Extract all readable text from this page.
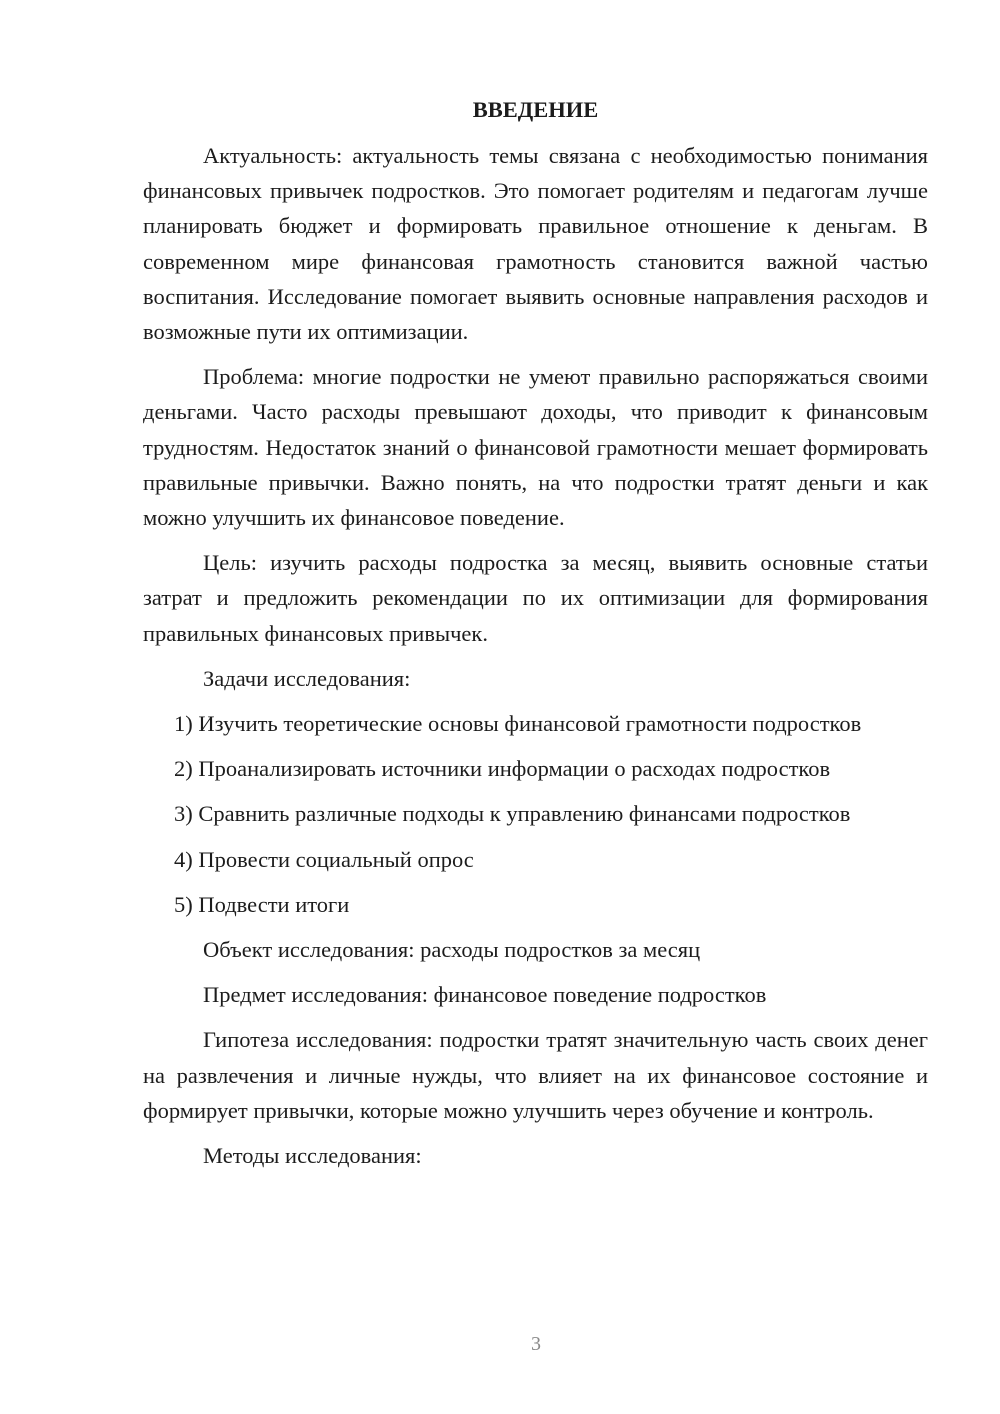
ВВЕДЕНИЕ

Актуальность: актуальность темы связана с необходимостью понимания финансовых привычек подростков. Это помогает родителям и педагогам лучше планировать бюджет и формировать правильное отношение к деньгам. В современном мире финансовая грамотность становится важной частью воспитания. Исследование помогает выявить основные направления расходов и возможные пути их оптимизации.

Проблема: многие подростки не умеют правильно распоряжаться своими деньгами. Часто расходы превышают доходы, что приводит к финансовым трудностям. Недостаток знаний о финансовой грамотности мешает формировать правильные привычки. Важно понять, на что подростки тратят деньги и как можно улучшить их финансовое поведение.

Цель: изучить расходы подростка за месяц, выявить основные статьи затрат и предложить рекомендации по их оптимизации для формирования правильных финансовых привычек.

Задачи исследования:

1) Изучить теоретические основы финансовой грамотности подростков

2) Проанализировать источники информации о расходах подростков

3) Сравнить различные подходы к управлению финансами подростков

4) Провести социальный опрос

5) Подвести итоги

Объект исследования: расходы подростков за месяц

Предмет исследования: финансовое поведение подростков

Гипотеза исследования: подростки тратят значительную часть своих денег на развлечения и личные нужды, что влияет на их финансовое состояние и формирует привычки, которые можно улучшить через обучение и контроль.

Методы исследования:

3
